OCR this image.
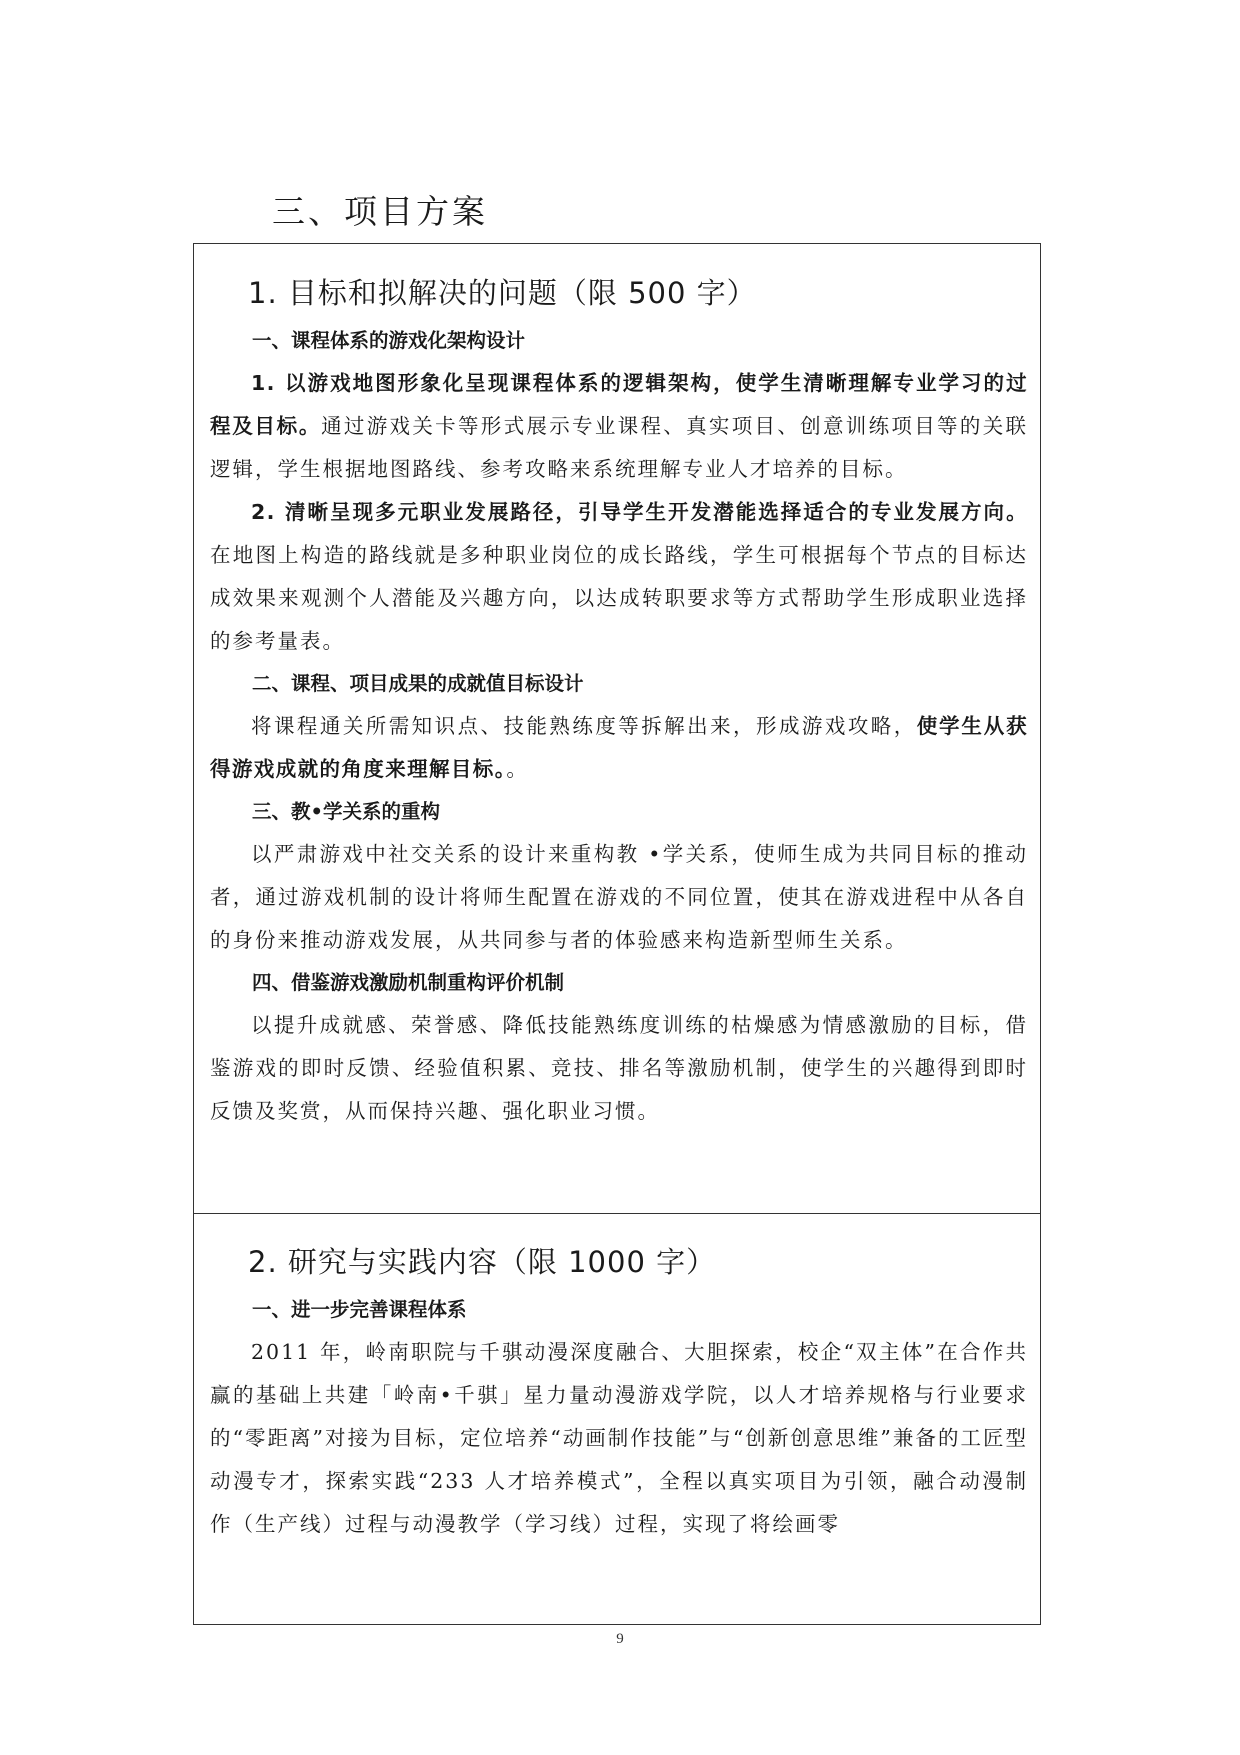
三、项目方案
1. 目标和拟解决的问题（限 500 字）

一、课程体系的游戏化架构设计

1. 以游戏地图形象化呈现课程体系的逻辑架构，使学生清晰理解专业学习的过程及目标。通过游戏关卡等形式展示专业课程、真实项目、创意训练项目等的关联逻辑，学生根据地图路线、参考攻略来系统理解专业人才培养的目标。

2. 清晰呈现多元职业发展路径，引导学生开发潜能选择适合的专业发展方向。在地图上构造的路线就是多种职业岗位的成长路线，学生可根据每个节点的目标达成效果来观测个人潜能及兴趣方向，以达成转职要求等方式帮助学生形成职业选择的参考量表。

二、课程、项目成果的成就值目标设计

将课程通关所需知识点、技能熟练度等拆解出来，形成游戏攻略，使学生从获得游戏成就的角度来理解目标。。

三、教•学关系的重构

以严肃游戏中社交关系的设计来重构教 •学关系，使师生成为共同目标的推动者，通过游戏机制的设计将师生配置在游戏的不同位置，使其在游戏进程中从各自的身份来推动游戏发展，从共同参与者的体验感来构造新型师生关系。

四、借鉴游戏激励机制重构评价机制

以提升成就感、荣誉感、降低技能熟练度训练的枯燥感为情感激励的目标，借鉴游戏的即时反馈、经验值积累、竞技、排名等激励机制，使学生的兴趣得到即时反馈及奖赏，从而保持兴趣、强化职业习惯。

2. 研究与实践内容（限 1000 字）

一、进一步完善课程体系

2011 年，岭南职院与千骐动漫深度融合、大胆探索，校企“双主体”在合作共赢的基础上共建「岭南•千骐」星力量动漫游戏学院，以人才培养规格与行业要求的“零距离”对接为目标，定位培养“动画制作技能”与“创新创意思维”兼备的工匠型动漫专才，探索实践“233 人才培养模式”，全程以真实项目为引领，融合动漫制作（生产线）过程与动漫教学（学习线）过程，实现了将绘画零

9
